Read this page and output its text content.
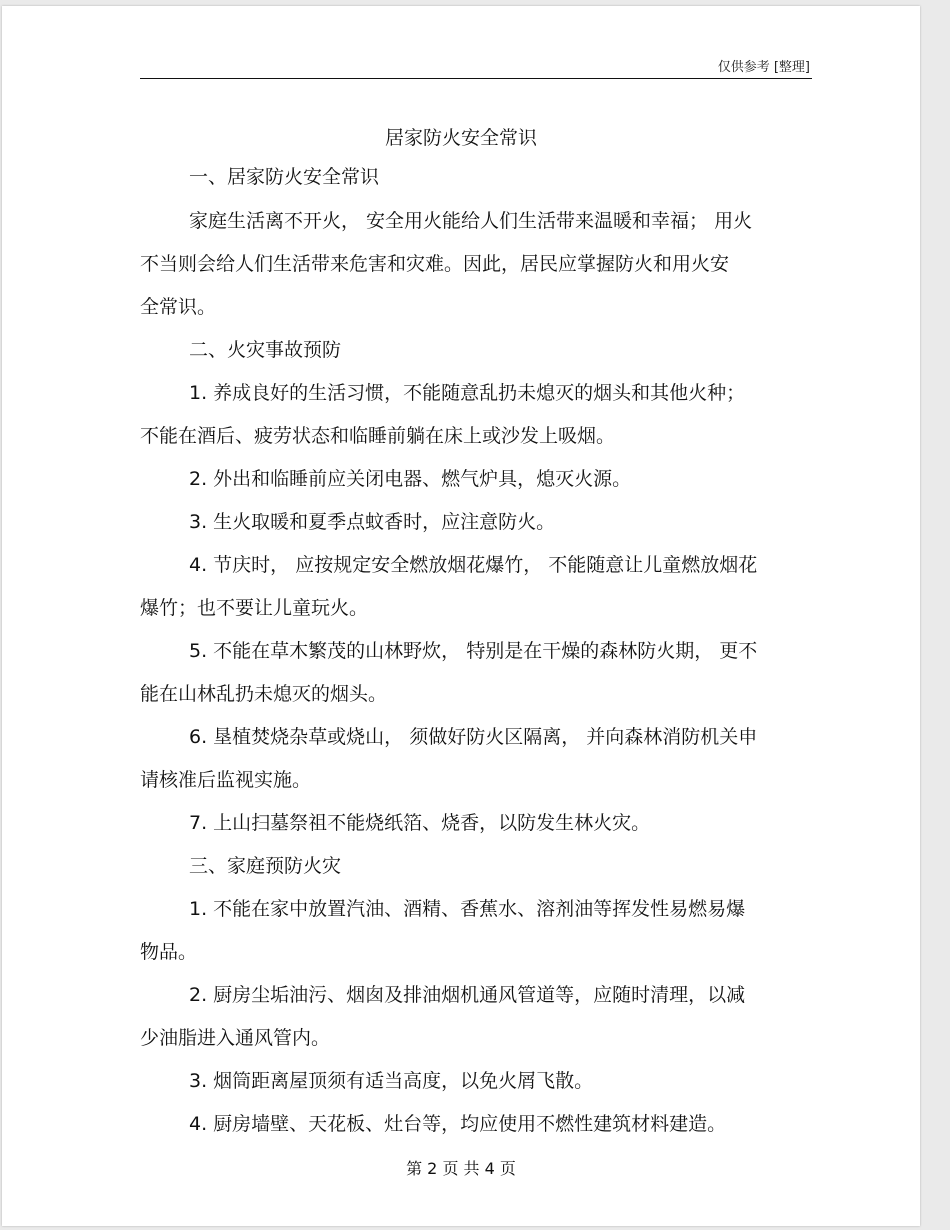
仅供参考 [整理]
居家防火安全常识
一、居家防火安全常识
家庭生活离不开火， 安全用火能给人们生活带来温暖和幸福； 用火
不当则会给人们生活带来危害和灾难。因此，居民应掌握防火和用火安
全常识。
二、火灾事故预防
1. 养成良好的生活习惯，不能随意乱扔未熄灭的烟头和其他火种；
不能在酒后、疲劳状态和临睡前躺在床上或沙发上吸烟。
2. 外出和临睡前应关闭电器、燃气炉具，熄灭火源。
3. 生火取暖和夏季点蚊香时，应注意防火。
4. 节庆时， 应按规定安全燃放烟花爆竹， 不能随意让儿童燃放烟花
爆竹；也不要让儿童玩火。
5. 不能在草木繁茂的山林野炊， 特别是在干燥的森林防火期， 更不
能在山林乱扔未熄灭的烟头。
6. 垦植焚烧杂草或烧山， 须做好防火区隔离， 并向森林消防机关申
请核准后监视实施。
7. 上山扫墓祭祖不能烧纸箔、烧香，以防发生林火灾。
三、家庭预防火灾
1. 不能在家中放置汽油、酒精、香蕉水、溶剂油等挥发性易燃易爆
物品。
2. 厨房尘垢油污、烟囱及排油烟机通风管道等，应随时清理，以减
少油脂进入通风管内。
3. 烟筒距离屋顶须有适当高度，以免火屑飞散。
4. 厨房墙壁、天花板、灶台等，均应使用不燃性建筑材料建造。
第 2 页 共 4 页
